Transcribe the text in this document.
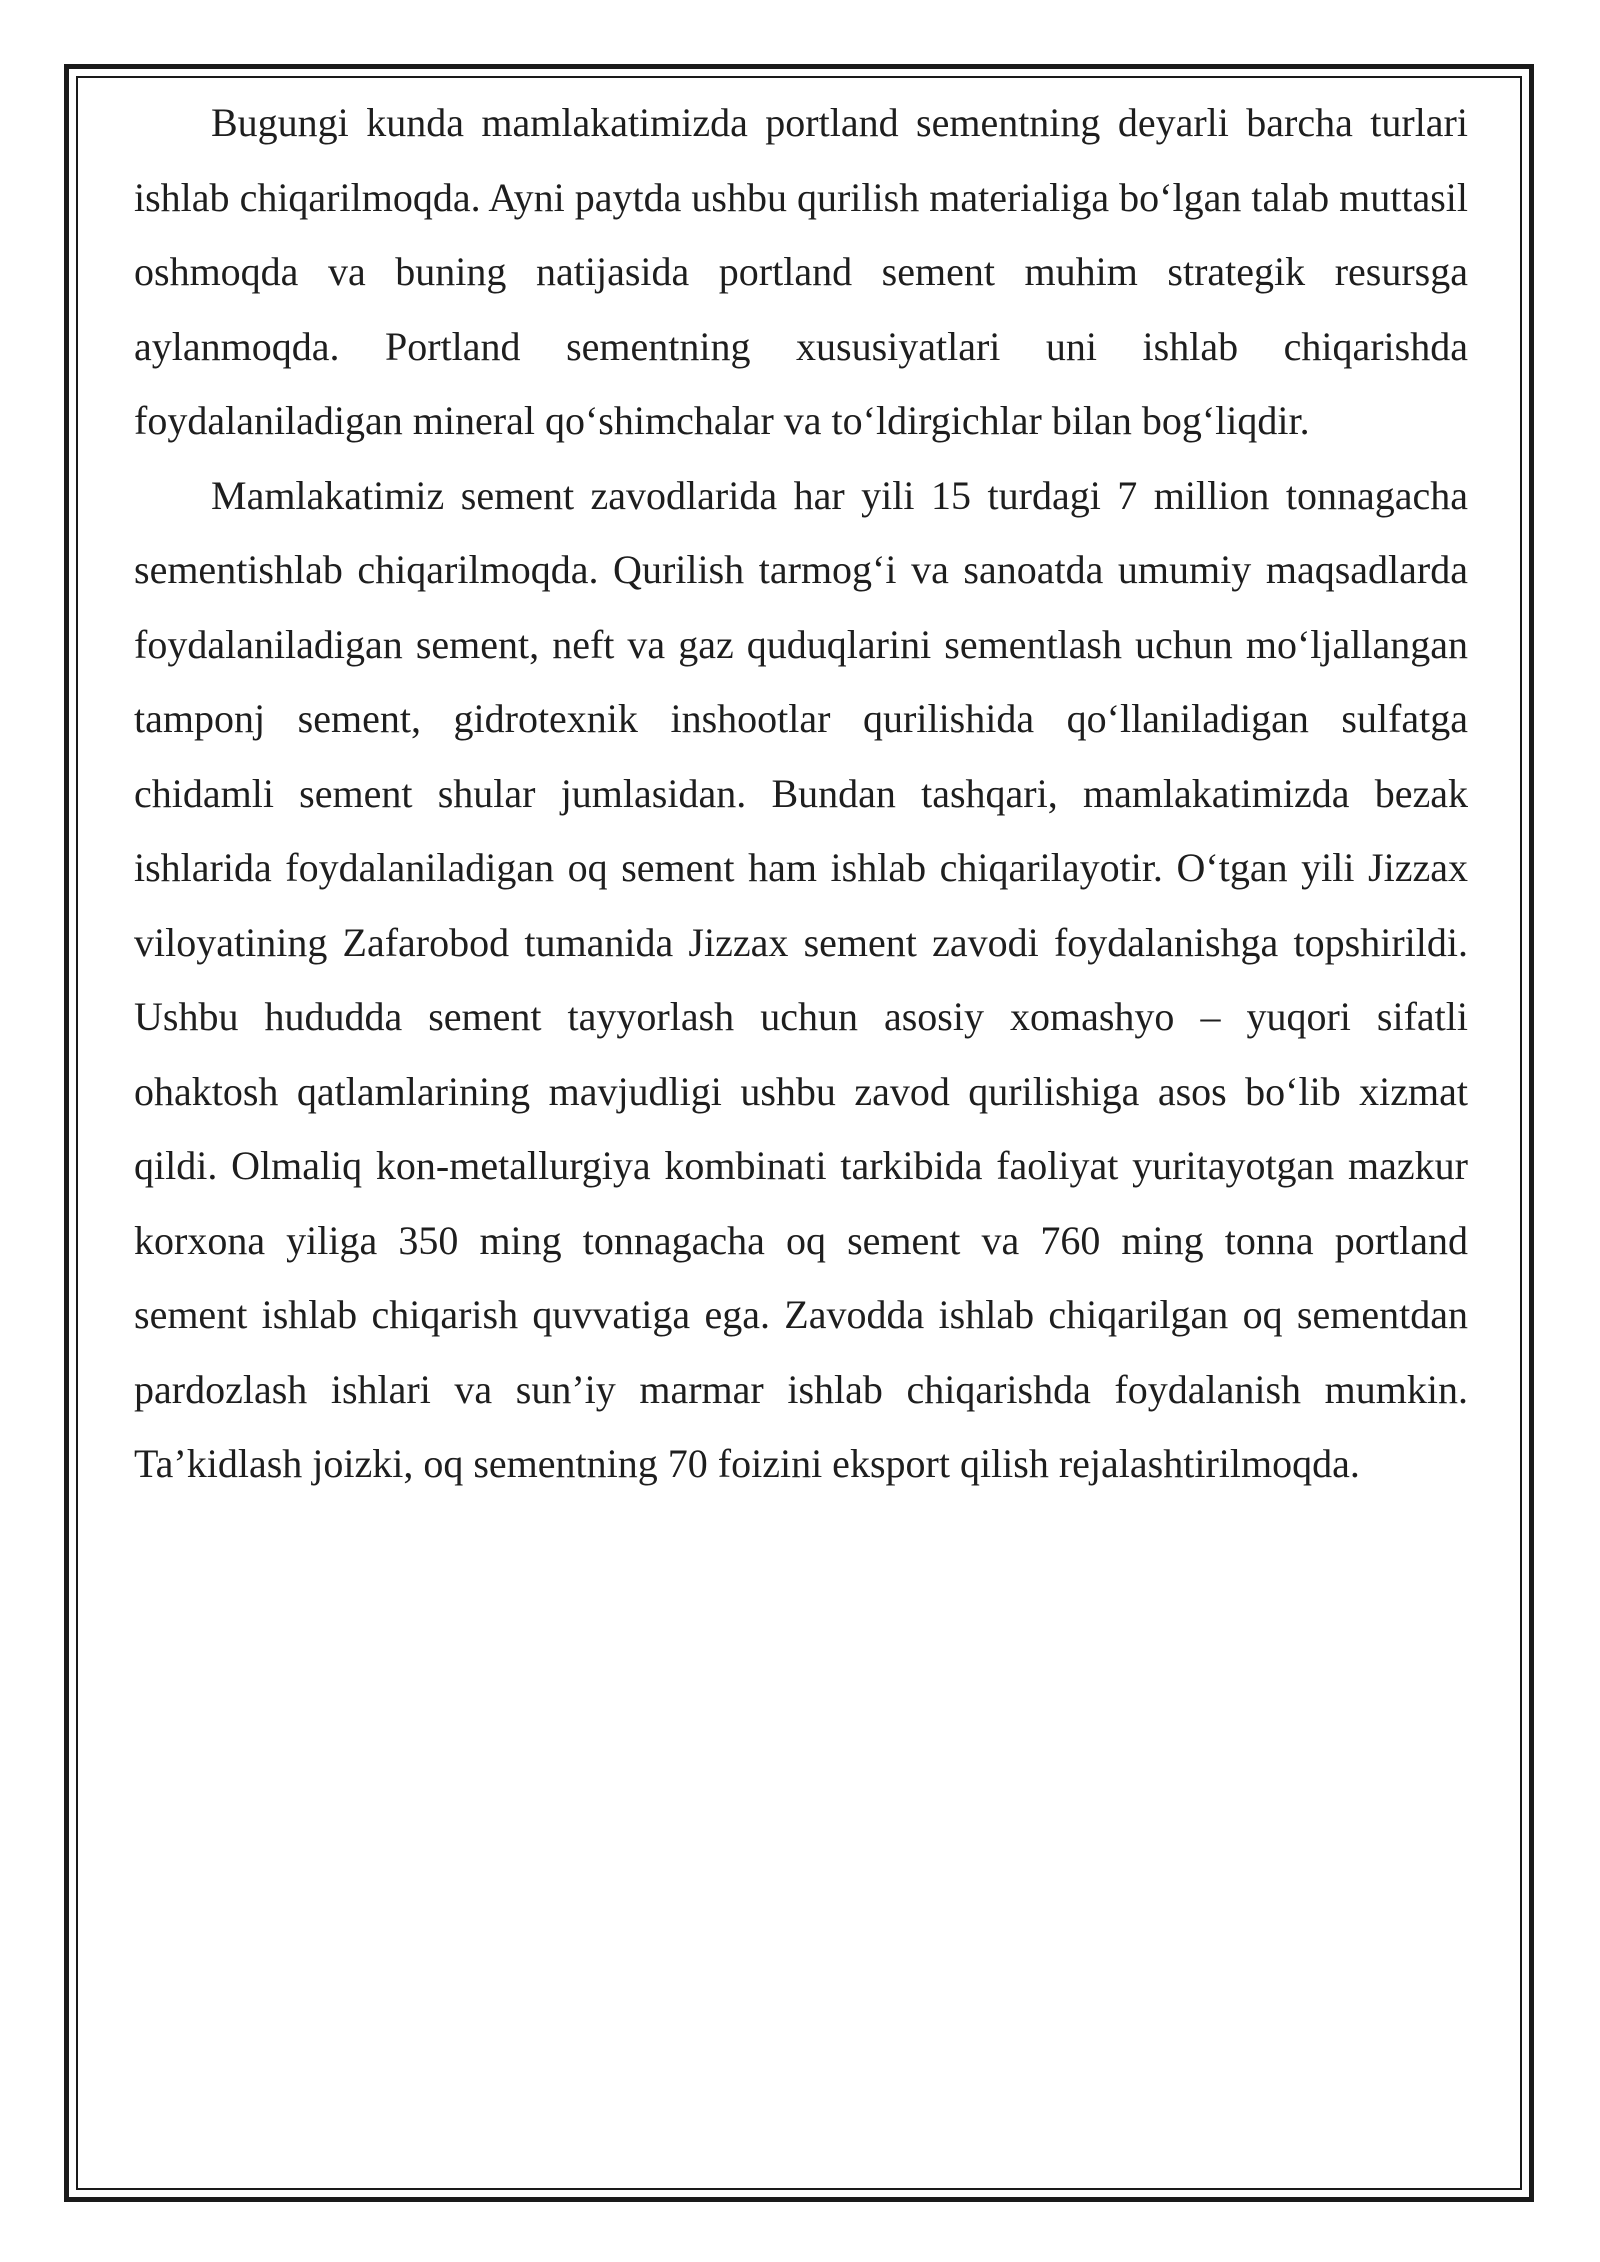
Bugungi kunda mamlakatimizda portland sementning deyarli barcha turlari ishlab chiqarilmoqda. Ayni paytda ushbu qurilish materialiga bo‘lgan talab muttasil oshmoqda va buning natijasida portland sement muhim strategik resursga aylanmoqda. Portland sementning xususiyatlari uni ishlab chiqarishda foydalaniladigan mineral qo‘shimchalar va to‘ldirgichlar bilan bog‘liqdir.

Mamlakatimiz sement zavodlarida har yili 15 turdagi 7 million tonnagacha sementishlab chiqarilmoqda. Qurilish tarmog‘i va sanoatda umumiy maqsadlarda foydalaniladigan sement, neft va gaz quduqlarini sementlash uchun mo‘ljallangan tamponj sement, gidrotexnik inshootlar qurilishida qo‘llaniladigan sulfatga chidamli sement shular jumlasidan. Bundan tashqari, mamlakatimizda bezak ishlarida foydalaniladigan oq sement ham ishlab chiqarilayotir. O‘tgan yili Jizzax viloyatining Zafarobod tumanida Jizzax sement zavodi foydalanishga topshirildi. Ushbu hududda sement tayyorlash uchun asosiy xomashyo – yuqori sifatli ohaktosh qatlamlarining mavjudligi ushbu zavod qurilishiga asos bo‘lib xizmat qildi. Olmaliq kon-metallurgiya kombinati tarkibida faoliyat yuritayotgan mazkur korxona yiliga 350 ming tonnagacha oq sement va 760 ming tonna portland sement ishlab chiqarish quvvatiga ega. Zavodda ishlab chiqarilgan oq sementdan pardozlash ishlari va sun’iy marmar ishlab chiqarishda foydalanish mumkin. Ta’kidlash joizki, oq sementning 70 foizini eksport qilish rejalashtirilmoqda.
